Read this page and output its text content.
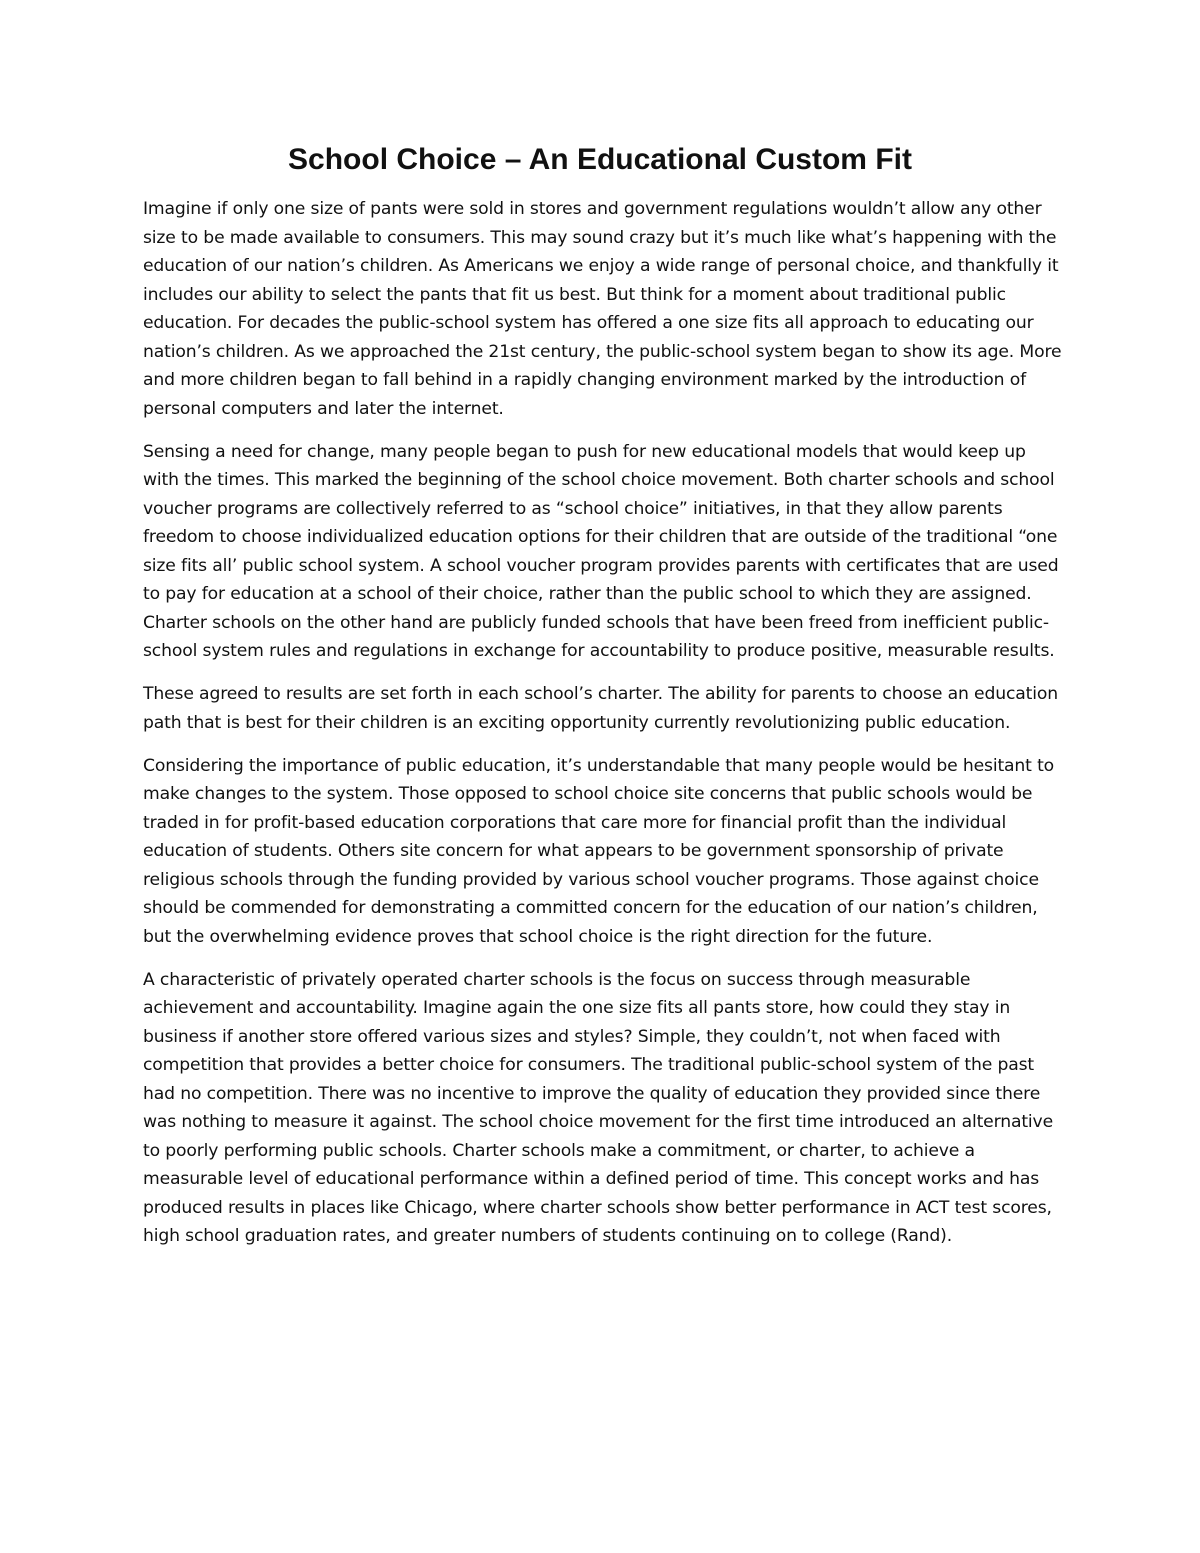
School Choice – An Educational Custom Fit

Imagine if only one size of pants were sold in stores and government regulations wouldn’t allow any other size to be made available to consumers. This may sound crazy but it’s much like what’s happening with the education of our nation’s children. As Americans we enjoy a wide range of personal choice, and thankfully it includes our ability to select the pants that fit us best. But think for a moment about traditional public education. For decades the public-school system has offered a one size fits all approach to educating our nation’s children. As we approached the 21st century, the public-school system began to show its age. More and more children began to fall behind in a rapidly changing environment marked by the introduction of personal computers and later the internet.

Sensing a need for change, many people began to push for new educational models that would keep up with the times. This marked the beginning of the school choice movement. Both charter schools and school voucher programs are collectively referred to as “school choice” initiatives, in that they allow parents freedom to choose individualized education options for their children that are outside of the traditional “one size fits all’ public school system. A school voucher program provides parents with certificates that are used to pay for education at a school of their choice, rather than the public school to which they are assigned. Charter schools on the other hand are publicly funded schools that have been freed from inefficient public-school system rules and regulations in exchange for accountability to produce positive, measurable results.

These agreed to results are set forth in each school’s charter. The ability for parents to choose an education path that is best for their children is an exciting opportunity currently revolutionizing public education.

Considering the importance of public education, it’s understandable that many people would be hesitant to make changes to the system. Those opposed to school choice site concerns that public schools would be traded in for profit-based education corporations that care more for financial profit than the individual education of students. Others site concern for what appears to be government sponsorship of private religious schools through the funding provided by various school voucher programs. Those against choice should be commended for demonstrating a committed concern for the education of our nation’s children, but the overwhelming evidence proves that school choice is the right direction for the future.

A characteristic of privately operated charter schools is the focus on success through measurable achievement and accountability. Imagine again the one size fits all pants store, how could they stay in business if another store offered various sizes and styles? Simple, they couldn’t, not when faced with competition that provides a better choice for consumers. The traditional public-school system of the past had no competition. There was no incentive to improve the quality of education they provided since there was nothing to measure it against. The school choice movement for the first time introduced an alternative to poorly performing public schools. Charter schools make a commitment, or charter, to achieve a measurable level of educational performance within a defined period of time. This concept works and has produced results in places like Chicago, where charter schools show better performance in ACT test scores, high school graduation rates, and greater numbers of students continuing on to college (Rand).
